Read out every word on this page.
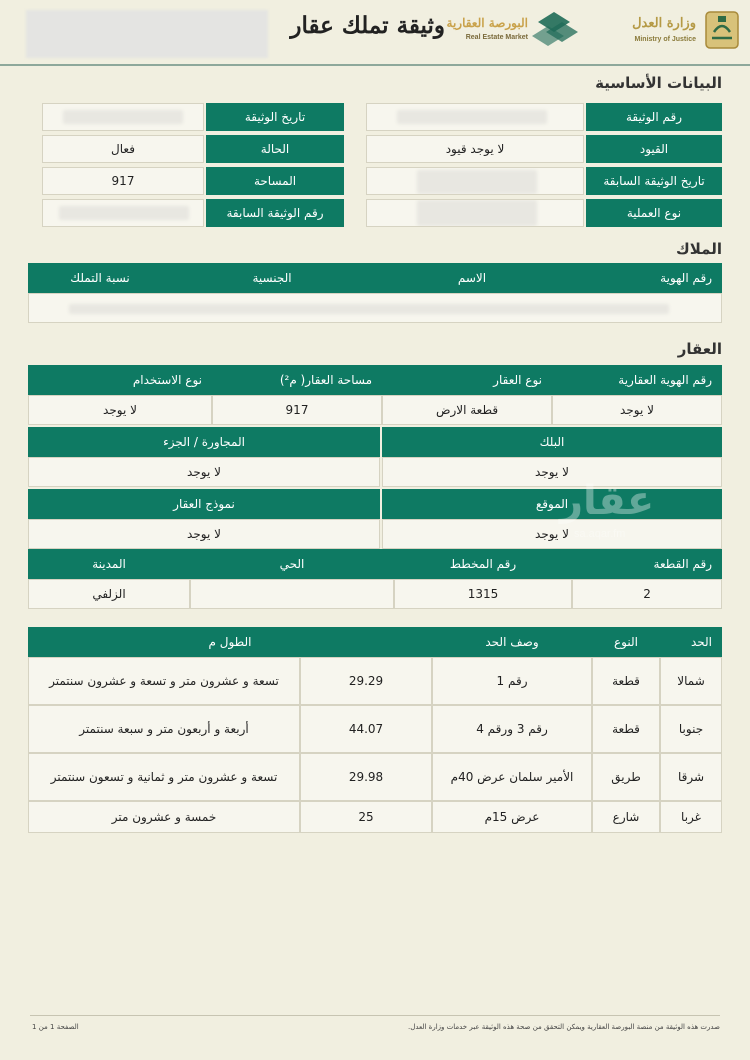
وثيقة تملك عقار البورصة العقارية
Real Estate Market
وزارة العدل
Ministry of Justice
البيانات الأساسية
رقم الوثيقة
تاريخ الوثيقة
القيود
لا يوجد قيود
الحالة
فعال
تاريخ الوثيقة السابقة
المساحة
917
نوع العملية
رقم الوثيقة السابقة
الملاك
رقم الهوية
الاسم
الجنسية
نسبة التملك
العقار
رقم الهوية العقارية
نوع العقار
مساحة العقار( م²)
نوع الاستخدام
لا يوجد
قطعة الارض
917
لا يوجد
البلك
المجاورة / الجزء
لا يوجد
لا يوجد
الموقع
نموذج العقار
لا يوجد
لا يوجد
رقم القطعة
رقم المخطط
الحي
المدينة
2
1315
الزلفي
الحد
النوع
وصف الحد
الطول م
شمالا
قطعة
رقم 1
29.29
تسعة و عشرون متر و تسعة و عشرون سنتمتر
جنوبا
قطعة
رقم 3 ورقم 4
44.07
أربعة و أربعون متر و سبعة سنتمتر
شرقا
طريق
الأمير سلمان عرض 40م
29.98
تسعة و عشرون متر و ثمانية و تسعون سنتمتر
غربا
شارع
عرض 15م
25
خمسة و عشرون متر
عقار
sa.aqar.fm
صدرت هذه الوثيقة من منصة البورصة العقارية ويمكن التحقق من صحة هذه الوثيقة عبر خدمات وزارة العدل.
الصفحة 1 من 1
